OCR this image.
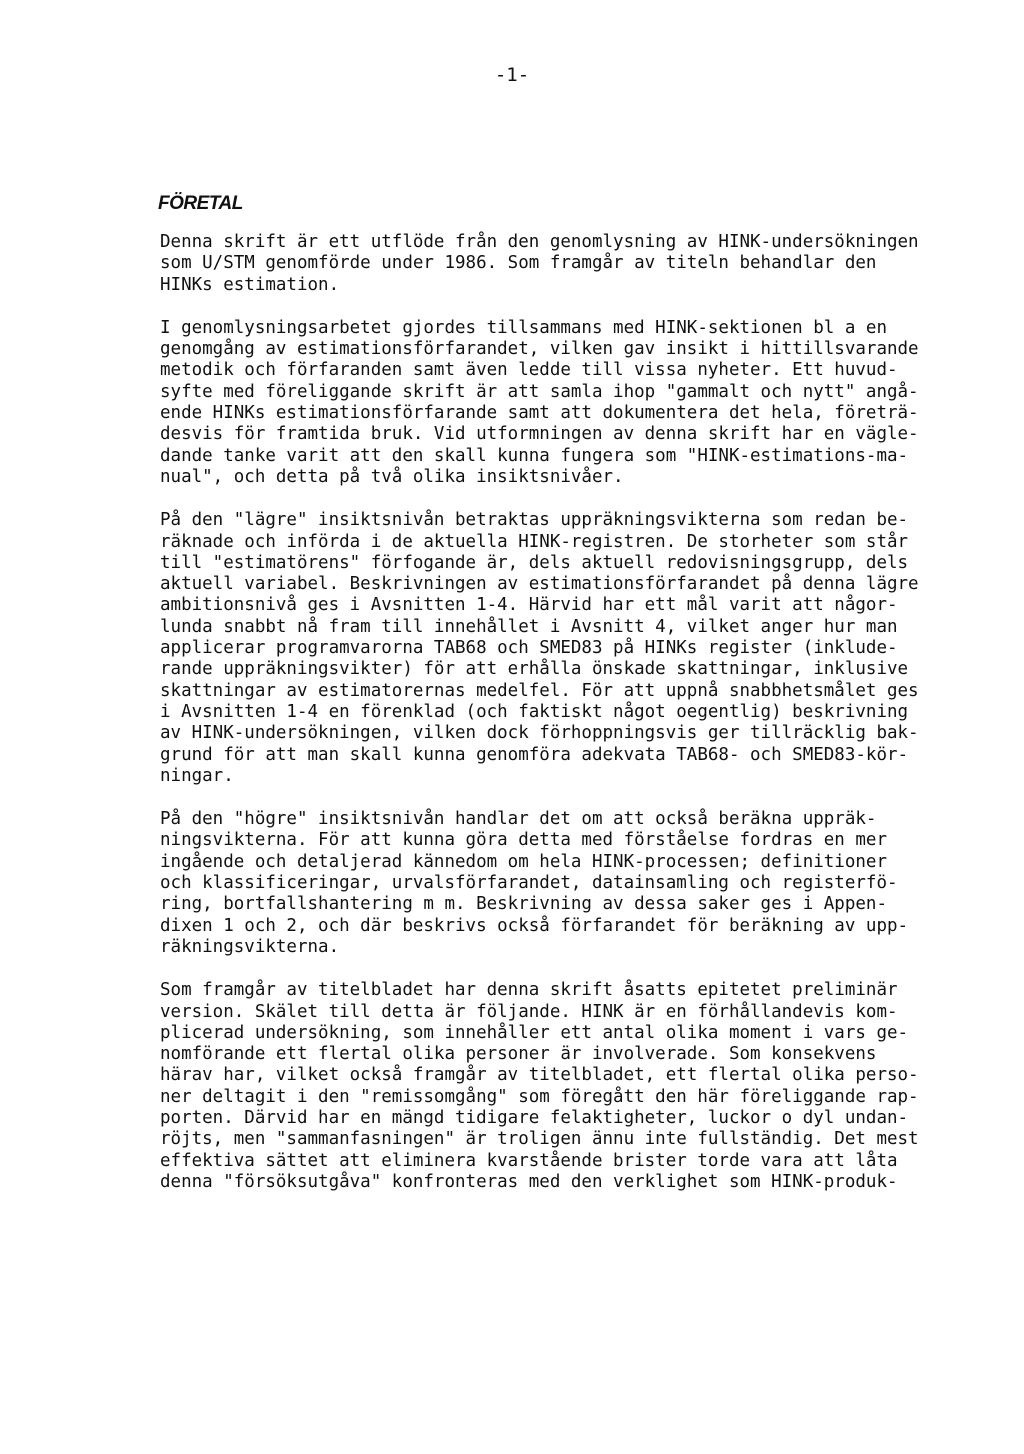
-1-
FÖRETAL
Denna skrift är ett utflöde från den genomlysning av HINK-undersökningen
som U/STM genomförde under 1986. Som framgår av titeln behandlar den
HINKs estimation.
I genomlysningsarbetet gjordes tillsammans med HINK-sektionen bl a en
genomgång av estimationsförfarandet, vilken gav insikt i hittillsvarande
metodik och förfaranden samt även ledde till vissa nyheter. Ett huvud-
syfte med föreliggande skrift är att samla ihop "gammalt och nytt" angå-
ende HINKs estimationsförfarande samt att dokumentera det hela, företrä-
desvis för framtida bruk. Vid utformningen av denna skrift har en vägle-
dande tanke varit att den skall kunna fungera som "HINK-estimations-ma-
nual", och detta på två olika insiktsnivåer.
På den "lägre" insiktsnivån betraktas uppräkningsvikterna som redan be-
räknade och införda i de aktuella HINK-registren. De storheter som står
till "estimatörens" förfogande är, dels aktuell redovisningsgrupp, dels
aktuell variabel. Beskrivningen av estimationsförfarandet på denna lägre
ambitionsnivå ges i Avsnitten 1-4. Härvid har ett mål varit att någor-
lunda snabbt nå fram till innehållet i Avsnitt 4, vilket anger hur man
applicerar programvarorna TAB68 och SMED83 på HINKs register (inklude-
rande uppräkningsvikter) för att erhålla önskade skattningar, inklusive
skattningar av estimatorernas medelfel. För att uppnå snabbhetsmålet ges
i Avsnitten 1-4 en förenklad (och faktiskt något oegentlig) beskrivning
av HINK-undersökningen, vilken dock förhoppningsvis ger tillräcklig bak-
grund för att man skall kunna genomföra adekvata TAB68- och SMED83-kör-
ningar.
På den "högre" insiktsnivån handlar det om att också beräkna uppräk-
ningsvikterna. För att kunna göra detta med förståelse fordras en mer
ingående och detaljerad kännedom om hela HINK-processen; definitioner
och klassificeringar, urvalsförfarandet, datainsamling och registerfö-
ring, bortfallshantering m m. Beskrivning av dessa saker ges i Appen-
dixen 1 och 2, och där beskrivs också förfarandet för beräkning av upp-
räkningsvikterna.
Som framgår av titelbladet har denna skrift åsatts epitetet preliminär
version. Skälet till detta är följande. HINK är en förhållandevis kom-
plicerad undersökning, som innehåller ett antal olika moment i vars ge-
nomförande ett flertal olika personer är involverade. Som konsekvens
härav har, vilket också framgår av titelbladet, ett flertal olika perso-
ner deltagit i den "remissomgång" som föregått den här föreliggande rap-
porten. Därvid har en mängd tidigare felaktigheter, luckor o dyl undan-
röjts, men "sammanfasningen" är troligen ännu inte fullständig. Det mest
effektiva sättet att eliminera kvarstående brister torde vara att låta
denna "försöksutgåva" konfronteras med den verklighet som HINK-produk-
